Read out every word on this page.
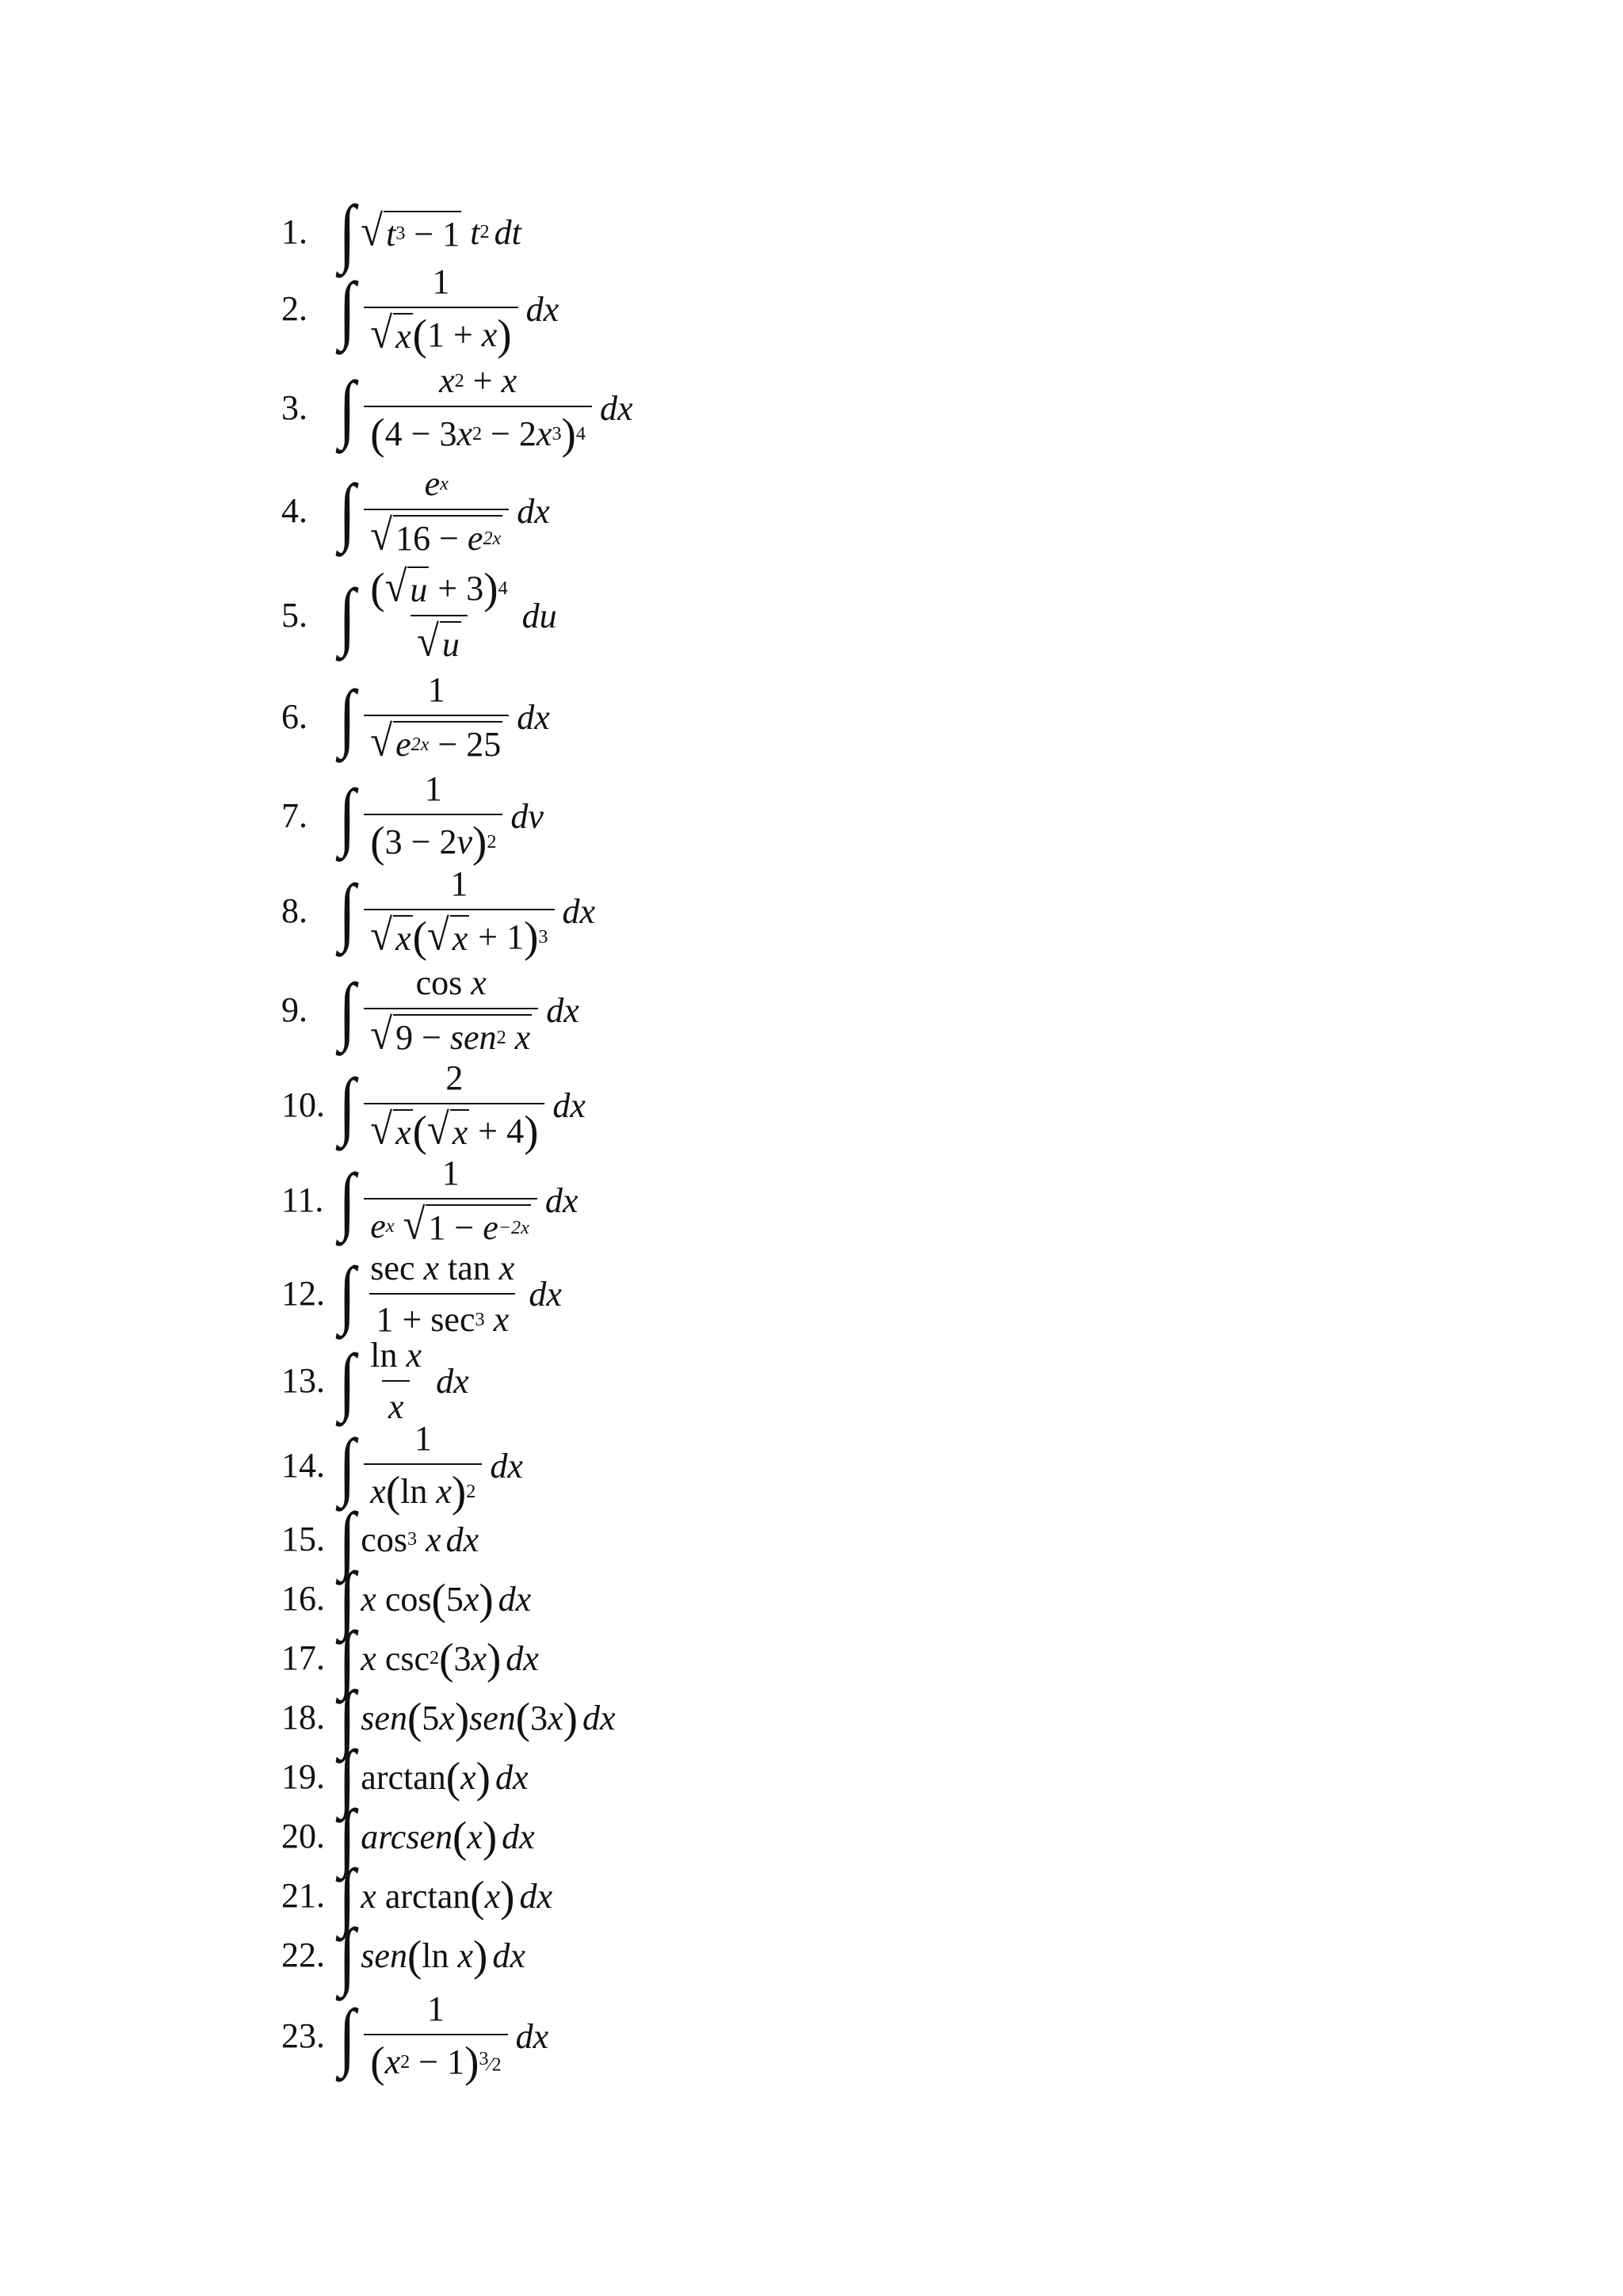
1. ∫ √ t 3 − 1 t 2 dt
2. ∫ $\frac{1}{√ x ( 1 + x )}$ dx
3. ∫ $\frac{x 2 + x}{( 4 - 3 x 2 - 2 x 3 ) 4}$ dx
4. ∫ $\frac{\text{e x}}{√ 16 - e 2x}$ dx
5. ∫ $\frac{( √ u + 3 ) 4}{√ u}$ du
6. ∫ $\frac{1}{√ e 2x - 25}$ dx
7. ∫ $\frac{1}{( 3 - 2 v ) 2}$ dv
8. ∫ $\frac{1}{√ x ( √ x + 1 ) 3}$ dx
9. ∫ cos x
√ 9 − sen 2
x dx
10. ∫ $\frac{2}{√ x ( √ x + 4 )}$ dx
11. ∫ 1
e x
√ 1 − e −2x dx
12. ∫ sec x tan x
1 + sec 3
x dx
13. ∫ $\frac{\text{ln x}}{x}$ dx
14. ∫ $\frac{1}{\text{x ( ln x ) 2}}$ dx
15. ∫ cos 3
x dx
16. ∫ x cos ( 5 x ) dx
17. ∫ x csc 2 ( 3 x ) dx
18. ∫ sen ( 5 x ) sen ( 3 x ) dx
19. ∫ arctan ( x ) dx
20. ∫ arcsen ( x ) dx
21. ∫ x arctan ( x ) dx
22. ∫ sen ( ln x ) dx
23. ∫ $\frac{1}{( x 2 - 1 ) ^3⁄2}$ dx
